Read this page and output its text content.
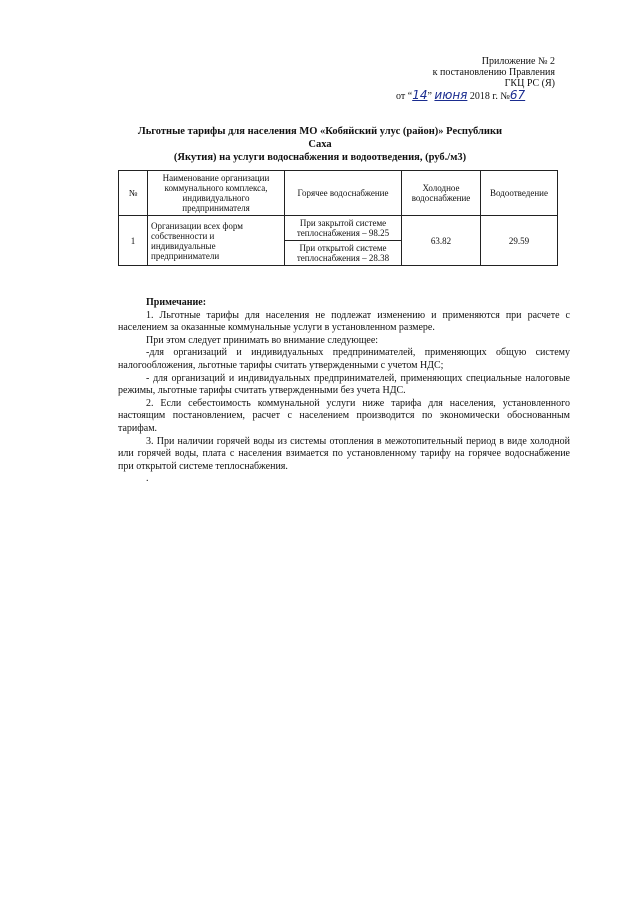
Приложение № 2
к постановлению Правления
ГКЦ РС (Я)
от “14” июня 2018 г. №67
Льготные тарифы для населения МО «Кобяйский улус (район)» Республики Саха
(Якутия) на услуги водоснабжения и водоотведения, (руб./м3)
№	Наименование организации коммунального комплекса, индивидуального предпринимателя	Горячее водоснабжение	Холодное водоснабжение	Водоотведение
1	Организации всех форм собственности и индивидуальные предприниматели	При закрытой системе теплоснабжения – 98.25	63.82	29.59
		При открытой системе теплоснабжения – 28.38		

Примечание:

1. Льготные тарифы для населения не подлежат изменению и применяются при расчете с населением за оказанные коммунальные услуги в установленном размере.

При этом следует принимать во внимание следующее:

-для организаций и индивидуальных предпринимателей, применяющих общую систему налогообложения, льготные тарифы считать утвержденными с учетом НДС;

- для организаций и индивидуальных предпринимателей, применяющих специальные налоговые режимы, льготные тарифы считать утвержденными без учета НДС.

2. Если себестоимость коммунальной услуги ниже тарифа для населения, установленного настоящим постановлением, расчет с населением производится по экономически обоснованным тарифам.

3. При наличии горячей воды из системы отопления в межотопительный период в виде холодной или горячей воды, плата с населения взимается по установленному тарифу на горячее водоснабжение при открытой системе теплоснабжения.

.
